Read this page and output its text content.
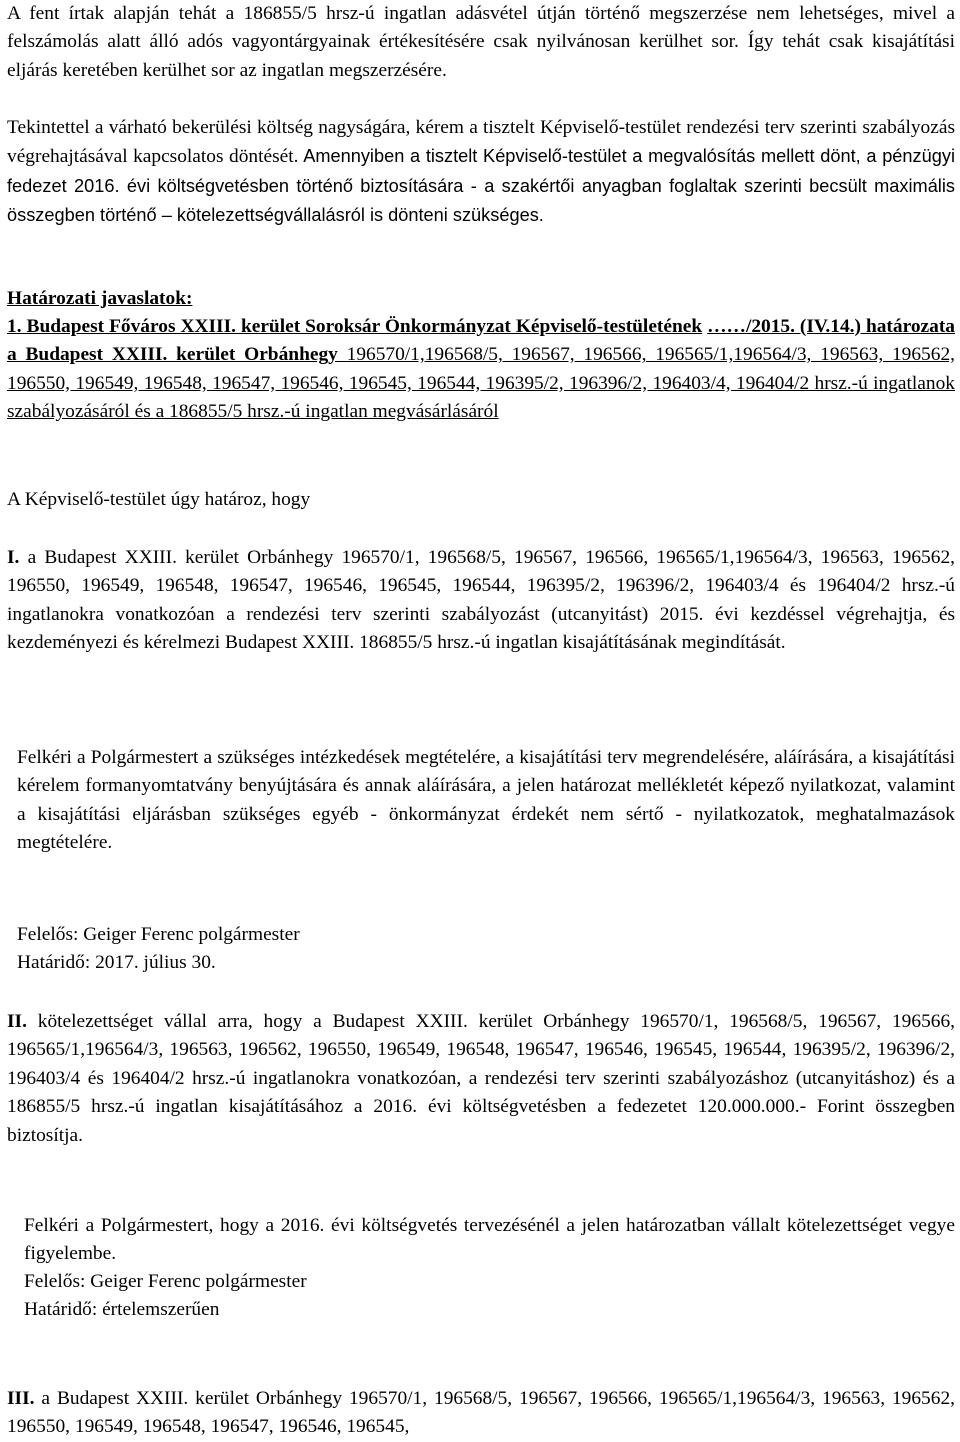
A fent írtak alapján tehát a 186855/5 hrsz-ú ingatlan adásvétel útján történő megszerzése nem lehetséges, mivel a felszámolás alatt álló adós vagyontárgyainak értékesítésére csak nyilvánosan kerülhet sor. Így tehát csak kisajátítási eljárás keretében kerülhet sor az ingatlan megszerzésére.

Tekintettel a várható bekerülési költség nagyságára, kérem a tisztelt Képviselő-testület rendezési terv szerinti szabályozás végrehajtásával kapcsolatos döntését. Amennyiben a tisztelt Képviselő-testület a megvalósítás mellett dönt, a pénzügyi fedezet 2016. évi költségvetésben történő biztosítására - a szakértői anyagban foglaltak szerinti becsült maximális összegben történő – kötelezettségvállalásról is dönteni szükséges.

Határozati javaslatok:

1. Budapest Főváros XXIII. kerület Soroksár Önkormányzat Képviselő-testületének ……/2015. (IV.14.) határozata a Budapest XXIII. kerület Orbánhegy 196570/1,196568/5, 196567, 196566, 196565/1,196564/3, 196563, 196562, 196550, 196549, 196548, 196547, 196546, 196545, 196544, 196395/2, 196396/2, 196403/4, 196404/2 hrsz.-ú ingatlanok szabályozásáról és a 186855/5 hrsz.-ú ingatlan megvásárlásáról

A Képviselő-testület úgy határoz, hogy

I. a Budapest XXIII. kerület Orbánhegy 196570/1, 196568/5, 196567, 196566, 196565/1,196564/3, 196563, 196562, 196550, 196549, 196548, 196547, 196546, 196545, 196544, 196395/2, 196396/2, 196403/4 és 196404/2 hrsz.-ú ingatlanokra vonatkozóan a rendezési terv szerinti szabályozást (utcanyitást) 2015. évi kezdéssel végrehajtja, és kezdeményezi és kérelmezi Budapest XXIII. 186855/5 hrsz.-ú ingatlan kisajátításának megindítását.

Felkéri a Polgármestert a szükséges intézkedések megtételére, a kisajátítási terv megrendelésére, aláírására, a kisajátítási kérelem formanyomtatvány benyújtására és annak aláírására, a jelen határozat mellékletét képező nyilatkozat, valamint a kisajátítási eljárásban szükséges egyéb - önkormányzat érdekét nem sértő - nyilatkozatok, meghatalmazások megtételére.

Felelős: Geiger Ferenc polgármester

Határidő: 2017. július 30.

II. kötelezettséget vállal arra, hogy a Budapest XXIII. kerület Orbánhegy 196570/1, 196568/5, 196567, 196566, 196565/1,196564/3, 196563, 196562, 196550, 196549, 196548, 196547, 196546, 196545, 196544, 196395/2, 196396/2, 196403/4 és 196404/2 hrsz.-ú ingatlanokra vonatkozóan, a rendezési terv szerinti szabályozáshoz (utcanyitáshoz) és a 186855/5 hrsz.-ú ingatlan kisajátításához a 2016. évi költségvetésben a fedezetet 120.000.000.- Forint összegben biztosítja.

Felkéri a Polgármestert, hogy a 2016. évi költségvetés tervezésénél a jelen határozatban vállalt kötelezettséget vegye figyelembe.

Felelős: Geiger Ferenc polgármester

Határidő: értelemszerűen

III. a Budapest XXIII. kerület Orbánhegy 196570/1, 196568/5, 196567, 196566, 196565/1,196564/3, 196563, 196562, 196550, 196549, 196548, 196547, 196546, 196545,
